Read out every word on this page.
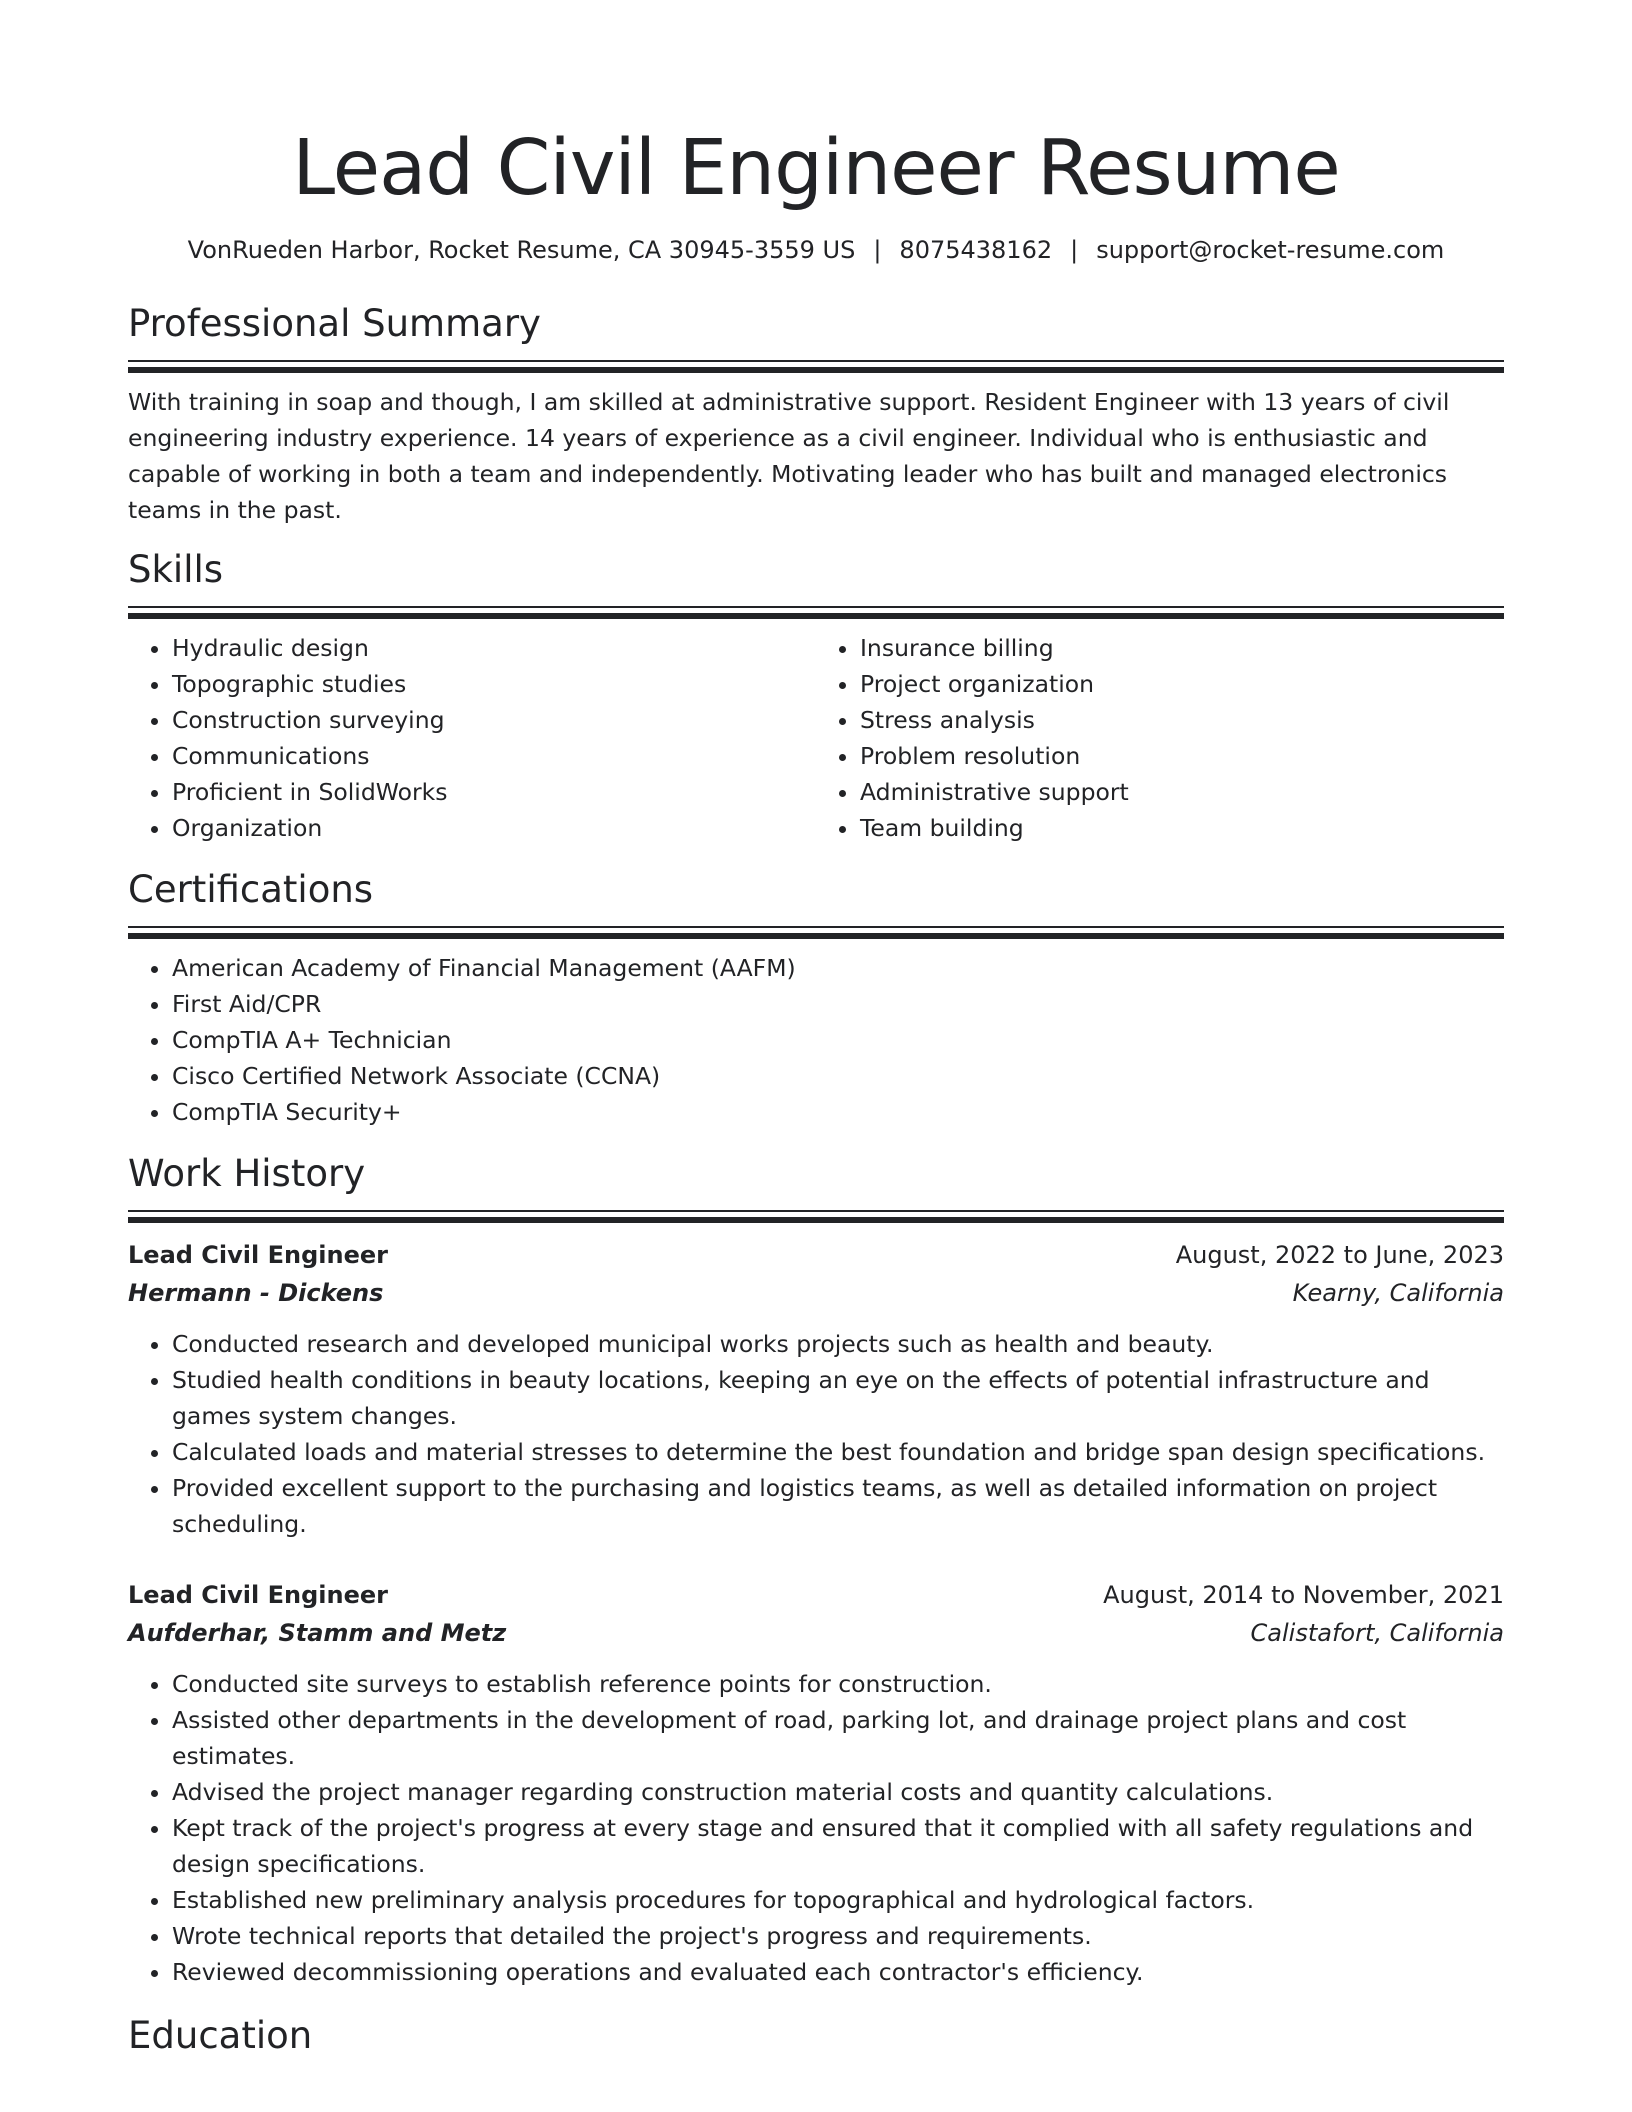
Lead Civil Engineer Resume
VonRueden Harbor, Rocket Resume, CA 30945-3559 US | 8075438162 | support@rocket-resume.com
Professional Summary
With training in soap and though, I am skilled at administrative support. Resident Engineer with 13 years of civil engineering industry experience. 14 years of experience as a civil engineer. Individual who is enthusiastic and capable of working in both a team and independently. Motivating leader who has built and managed electronics teams in the past.
Skills
• Hydraulic design
• Topographic studies
• Construction surveying
• Communications
• Proficient in SolidWorks
• Organization
• Insurance billing
• Project organization
• Stress analysis
• Problem resolution
• Administrative support
• Team building
Certifications
• American Academy of Financial Management (AAFM)
• First Aid/CPR
• CompTIA A+ Technician
• Cisco Certified Network Associate (CCNA)
• CompTIA Security+
Work History
Lead Civil Engineer	August, 2022 to June, 2023
Hermann - Dickens	Kearny, California
• Conducted research and developed municipal works projects such as health and beauty.
• Studied health conditions in beauty locations, keeping an eye on the effects of potential infrastructure and games system changes.
• Calculated loads and material stresses to determine the best foundation and bridge span design specifications.
• Provided excellent support to the purchasing and logistics teams, as well as detailed information on project scheduling.
Lead Civil Engineer	August, 2014 to November, 2021
Aufderhar, Stamm and Metz	Calistafort, California
• Conducted site surveys to establish reference points for construction.
• Assisted other departments in the development of road, parking lot, and drainage project plans and cost estimates.
• Advised the project manager regarding construction material costs and quantity calculations.
• Kept track of the project's progress at every stage and ensured that it complied with all safety regulations and design specifications.
• Established new preliminary analysis procedures for topographical and hydrological factors.
• Wrote technical reports that detailed the project's progress and requirements.
• Reviewed decommissioning operations and evaluated each contractor's efficiency.
Education
